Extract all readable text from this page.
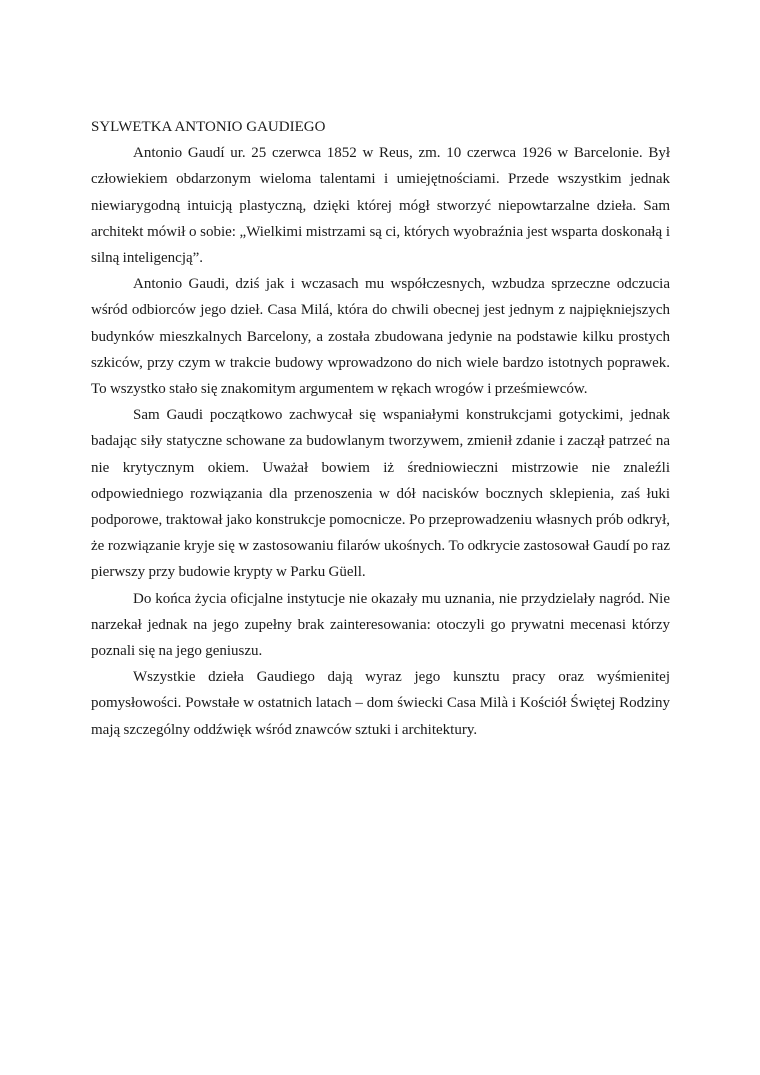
SYLWETKA ANTONIO GAUDIEGO

Antonio Gaudí ur. 25 czerwca 1852 w Reus, zm. 10 czerwca 1926 w Barcelonie. Był człowiekiem obdarzonym wieloma talentami i umiejętnościami. Przede wszystkim jednak niewiarygodną intuicją plastyczną, dzięki której mógł stworzyć niepowtarzalne dzieła. Sam architekt mówił o sobie: „Wielkimi mistrzami są ci, których wyobraźnia jest wsparta doskonałą i silną inteligencją”.

Antonio Gaudi, dziś jak i wczasach mu współczesnych, wzbudza sprzeczne odczucia wśród odbiorców jego dzieł. Casa Milá, która do chwili obecnej jest jednym z najpiękniejszych budynków mieszkalnych Barcelony, a została zbudowana jedynie na podstawie kilku prostych szkiców, przy czym w trakcie budowy wprowadzono do nich wiele bardzo istotnych poprawek. To wszystko stało się znakomitym argumentem w rękach wrogów i prześmiewców.

Sam Gaudi początkowo zachwycał się wspaniałymi konstrukcjami gotyckimi, jednak badając siły statyczne schowane za budowlanym tworzywem, zmienił zdanie i zaczął patrzeć na nie krytycznym okiem. Uważał bowiem iż średniowieczni mistrzowie nie znaleźli odpowiedniego rozwiązania dla przenoszenia w dół nacisków bocznych sklepienia, zaś łuki podporowe, traktował jako konstrukcje pomocnicze. Po przeprowadzeniu własnych prób odkrył, że rozwiązanie kryje się w zastosowaniu filarów ukośnych. To odkrycie zastosował Gaudí po raz pierwszy przy budowie krypty w Parku Güell.

Do końca życia oficjalne instytucje nie okazały mu uznania, nie przydzielały nagród. Nie narzekał jednak na jego zupełny brak zainteresowania: otoczyli go prywatni mecenasi którzy poznali się na jego geniuszu.

Wszystkie dzieła Gaudiego dają wyraz jego kunsztu pracy oraz wyśmienitej pomysłowości. Powstałe w ostatnich latach – dom świecki Casa Milà i Kościół Świętej Rodziny mają szczególny oddźwięk wśród znawców sztuki i architektury.
